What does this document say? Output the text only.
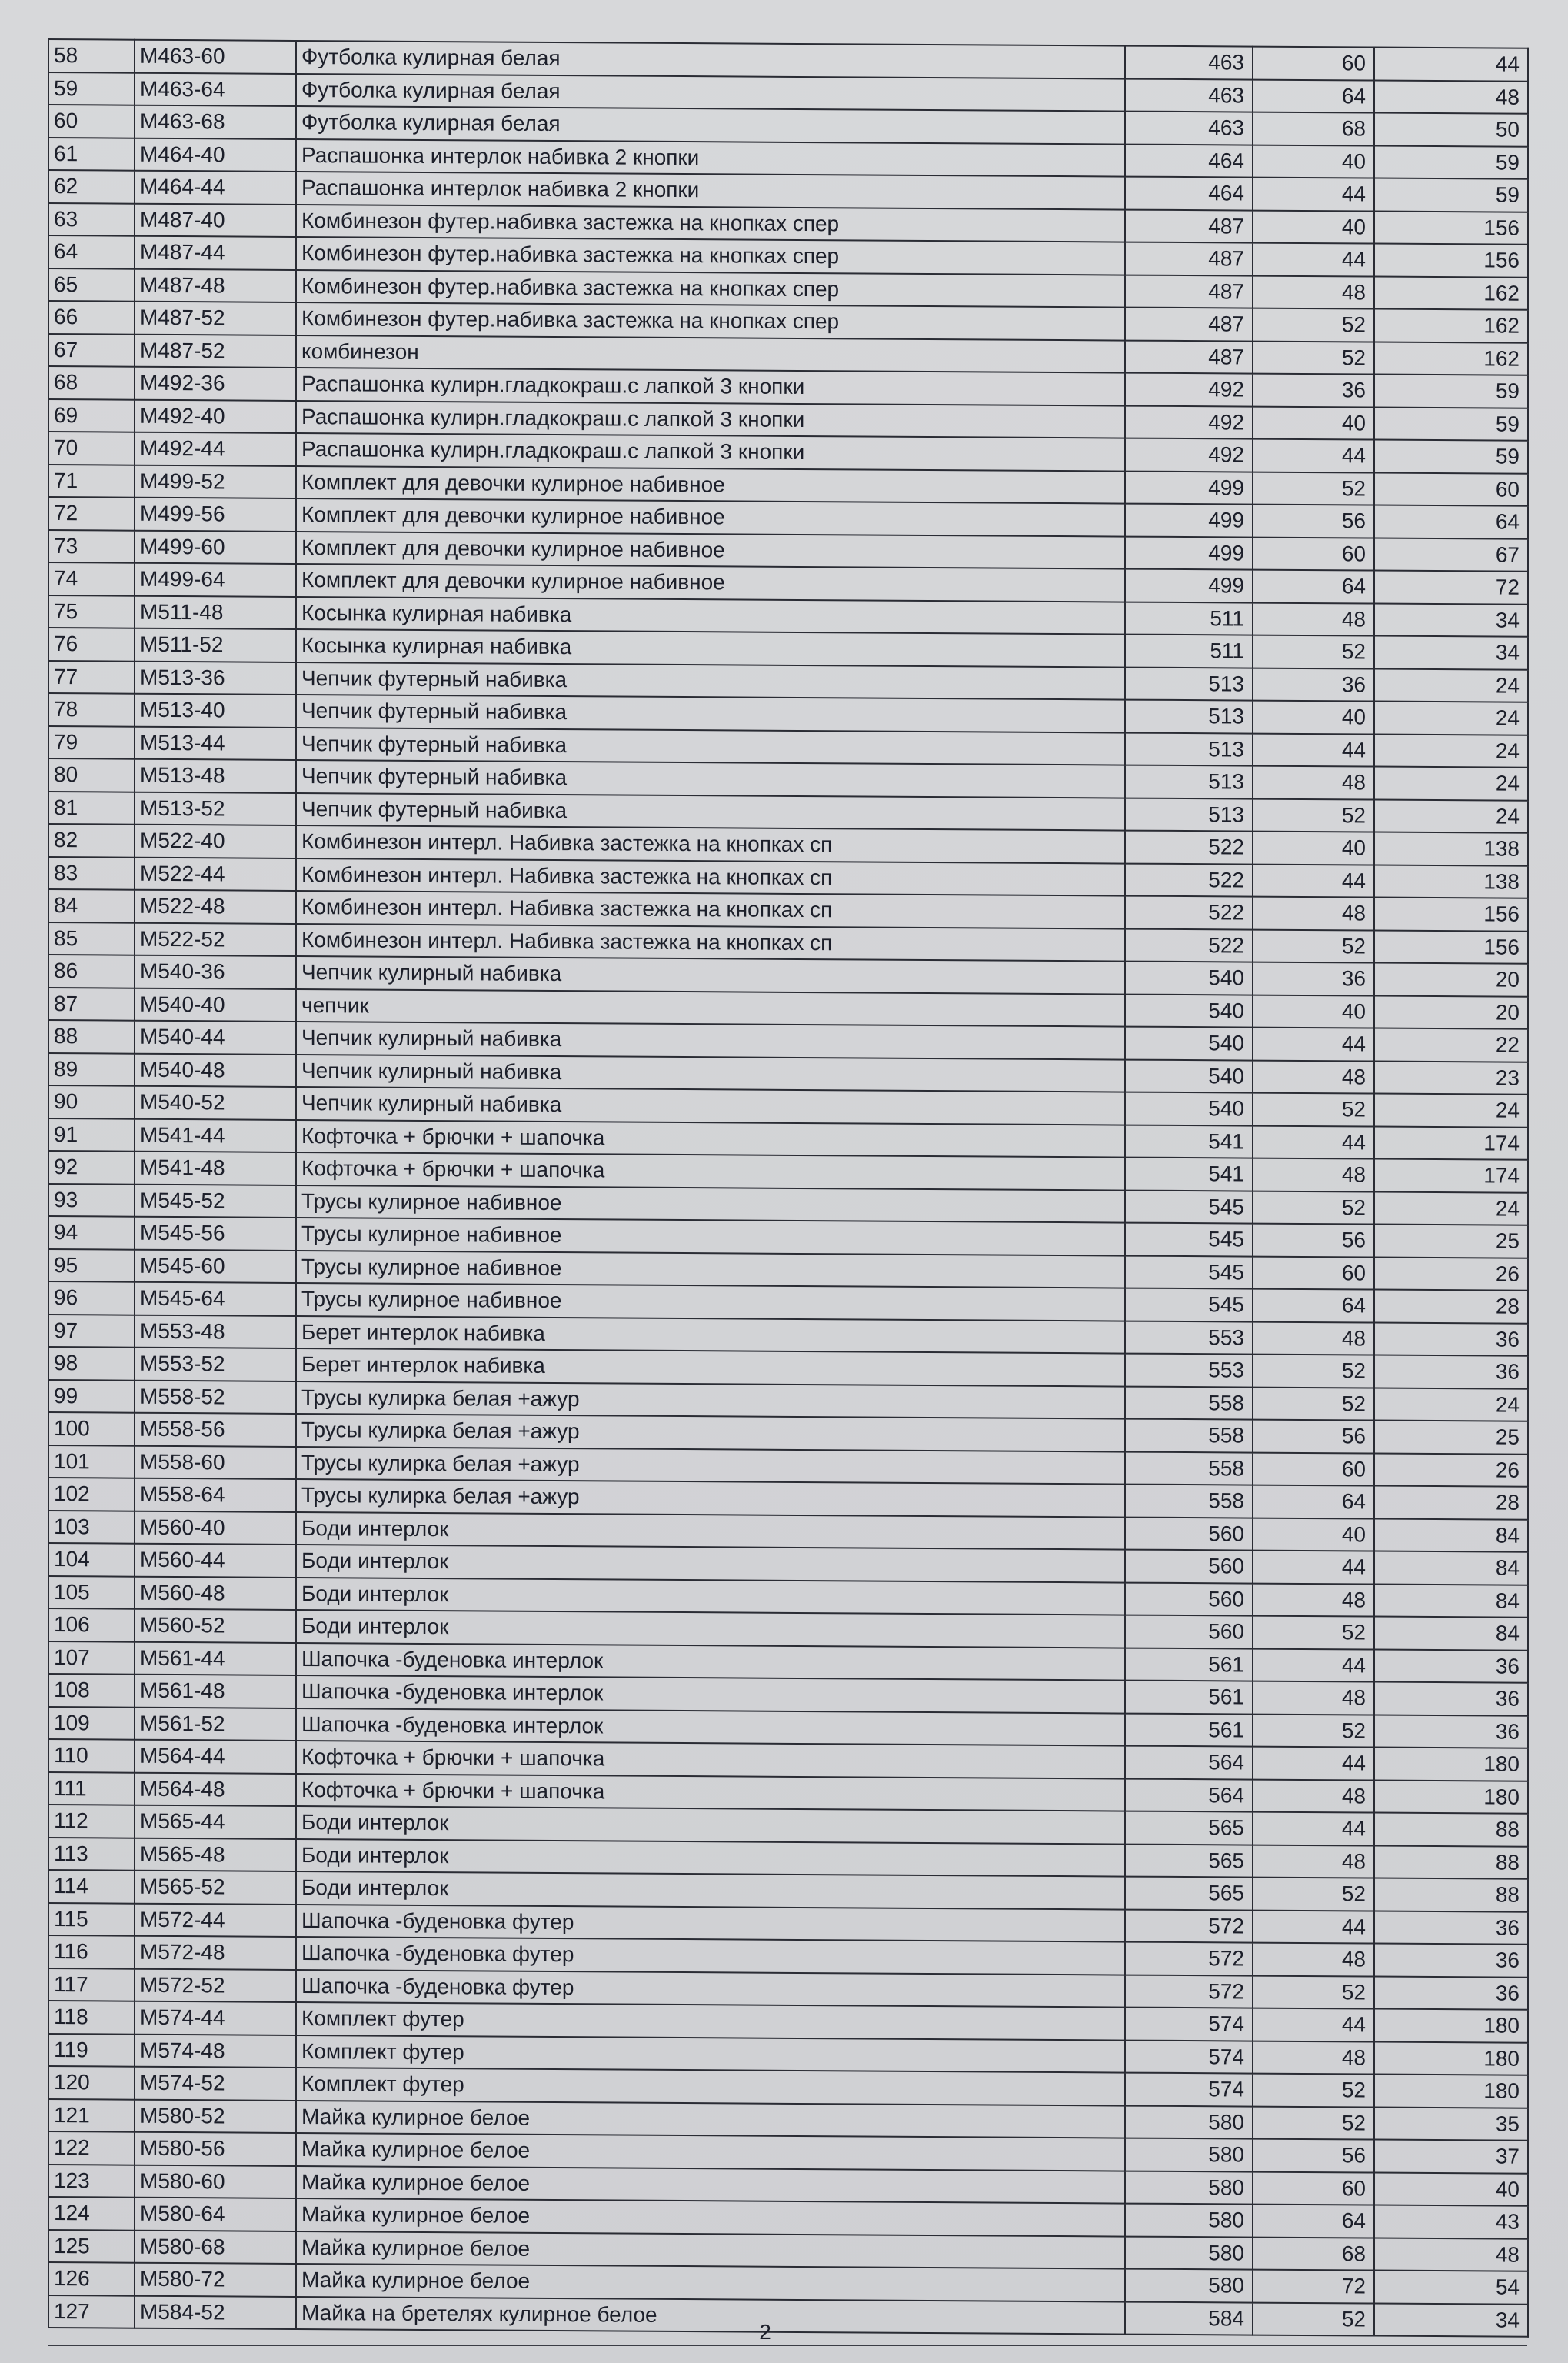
58	M463-60	Футболка кулирная белая	463	60	44
59	M463-64	Футболка кулирная белая	463	64	48
60	M463-68	Футболка кулирная белая	463	68	50
61	M464-40	Распашонка интерлок набивка 2 кнопки	464	40	59
62	M464-44	Распашонка интерлок набивка 2 кнопки	464	44	59
63	M487-40	Комбинезон футер.набивка застежка на кнопках спер	487	40	156
64	M487-44	Комбинезон футер.набивка застежка на кнопках спер	487	44	156
65	M487-48	Комбинезон футер.набивка застежка на кнопках спер	487	48	162
66	M487-52	Комбинезон футер.набивка застежка на кнопках спер	487	52	162
67	M487-52	комбинезон	487	52	162
68	M492-36	Распашонка кулирн.гладкокраш.с лапкой 3 кнопки	492	36	59
69	M492-40	Распашонка кулирн.гладкокраш.с лапкой 3 кнопки	492	40	59
70	M492-44	Распашонка кулирн.гладкокраш.с лапкой 3 кнопки	492	44	59
71	M499-52	Комплект для девочки кулирное набивное	499	52	60
72	M499-56	Комплект для девочки кулирное набивное	499	56	64
73	M499-60	Комплект для девочки кулирное набивное	499	60	67
74	M499-64	Комплект для девочки кулирное набивное	499	64	72
75	M511-48	Косынка кулирная набивка	511	48	34
76	M511-52	Косынка кулирная набивка	511	52	34
77	M513-36	Чепчик футерный набивка	513	36	24
78	M513-40	Чепчик футерный набивка	513	40	24
79	M513-44	Чепчик футерный набивка	513	44	24
80	M513-48	Чепчик футерный набивка	513	48	24
81	M513-52	Чепчик футерный набивка	513	52	24
82	M522-40	Комбинезон интерл. Набивка застежка на кнопках сп	522	40	138
83	M522-44	Комбинезон интерл. Набивка застежка на кнопках сп	522	44	138
84	M522-48	Комбинезон интерл. Набивка застежка на кнопках сп	522	48	156
85	M522-52	Комбинезон интерл. Набивка застежка на кнопках сп	522	52	156
86	M540-36	Чепчик кулирный набивка	540	36	20
87	M540-40	чепчик	540	40	20
88	M540-44	Чепчик кулирный набивка	540	44	22
89	M540-48	Чепчик кулирный набивка	540	48	23
90	M540-52	Чепчик кулирный набивка	540	52	24
91	M541-44	Кофточка + брючки + шапочка	541	44	174
92	M541-48	Кофточка + брючки + шапочка	541	48	174
93	M545-52	Трусы кулирное набивное	545	52	24
94	M545-56	Трусы кулирное набивное	545	56	25
95	M545-60	Трусы кулирное набивное	545	60	26
96	M545-64	Трусы кулирное набивное	545	64	28
97	M553-48	Берет интерлок набивка	553	48	36
98	M553-52	Берет интерлок набивка	553	52	36
99	M558-52	Трусы кулирка белая +ажур	558	52	24
100	M558-56	Трусы кулирка белая +ажур	558	56	25
101	M558-60	Трусы кулирка белая +ажур	558	60	26
102	M558-64	Трусы кулирка белая +ажур	558	64	28
103	M560-40	Боди интерлок	560	40	84
104	M560-44	Боди интерлок	560	44	84
105	M560-48	Боди интерлок	560	48	84
106	M560-52	Боди интерлок	560	52	84
107	M561-44	Шапочка -буденовка интерлок	561	44	36
108	M561-48	Шапочка -буденовка интерлок	561	48	36
109	M561-52	Шапочка -буденовка интерлок	561	52	36
110	M564-44	Кофточка + брючки + шапочка	564	44	180
111	M564-48	Кофточка + брючки + шапочка	564	48	180
112	M565-44	Боди интерлок	565	44	88
113	M565-48	Боди интерлок	565	48	88
114	M565-52	Боди интерлок	565	52	88
115	M572-44	Шапочка -буденовка футер	572	44	36
116	M572-48	Шапочка -буденовка футер	572	48	36
117	M572-52	Шапочка -буденовка футер	572	52	36
118	M574-44	Комплект футер	574	44	180
119	M574-48	Комплект футер	574	48	180
120	M574-52	Комплект футер	574	52	180
121	M580-52	Майка кулирное белое	580	52	35
122	M580-56	Майка кулирное белое	580	56	37
123	M580-60	Майка кулирное белое	580	60	40
124	M580-64	Майка кулирное белое	580	64	43
125	M580-68	Майка кулирное белое	580	68	48
126	M580-72	Майка кулирное белое	580	72	54
127	M584-52	Майка на бретелях кулирное белое	584	52	34
2
